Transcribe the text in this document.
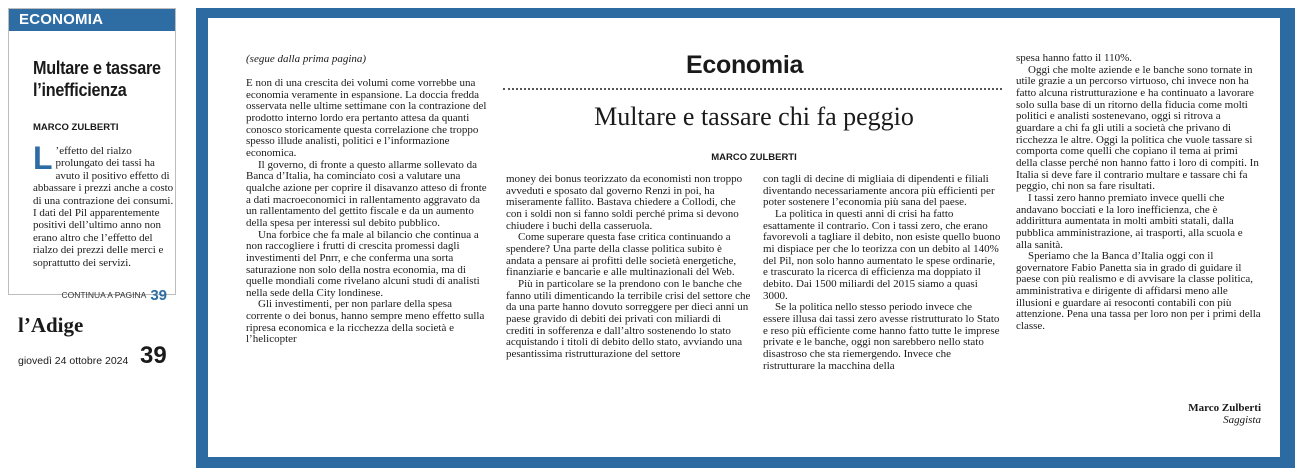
ECONOMIA
Multare e tassare l’inefficienza
MARCO ZULBERTI
L ’effetto del rialzo prolungato dei tassi ha avuto il positivo effetto di abbassare i prezzi anche a costo di una contrazione dei consumi. I dati del Pil apparentemente positivi dell’ultimo anno non erano altro che l’effetto del rialzo dei prezzi delle merci e soprattutto dei servizi.
CONTINUA A PAGINA 39
l’Adige
giovedì 24 ottobre 2024 39
(segue dalla prima pagina)

E non di una crescita dei volumi come vorrebbe una economia veramente in espansione. La doccia fredda osservata nelle ultime settimane con la contrazione del prodotto interno lordo era pertanto attesa da quanti conosco storicamente questa correlazione che troppo spesso illude analisti, politici e l’informazione economica.

Il governo, di fronte a questo allarme sollevato da Banca d’Italia, ha cominciato così a valutare una qualche azione per coprire il disavanzo atteso di fronte a dati macroeconomici in rallentamento aggravato da un rallentamento del gettito fiscale e da un aumento della spesa per interessi sul debito pubblico.

Una forbice che fa male al bilancio che continua a non raccogliere i frutti di crescita promessi dagli investimenti del Pnrr, e che conferma una sorta saturazione non solo della nostra economia, ma di quelle mondiali come rivelano alcuni studi di analisti nella sede della City londinese.

Gli investimenti, per non parlare della spesa corrente o dei bonus, hanno sempre meno effetto sulla ripresa economica e la ricchezza della società e l’helicopter

Economia
Multare e tassare chi fa peggio
MARCO ZULBERTI

money dei bonus teorizzato da economisti non troppo avveduti e sposato dal governo Renzi in poi, ha miseramente fallito. Bastava chiedere a Collodi, che con i soldi non si fanno soldi perché prima si devono chiudere i buchi della casseruola.

Come superare questa fase critica continuando a spendere? Una parte della classe politica subito è andata a pensare ai profitti delle società energetiche, finanziarie e bancarie e alle multinazionali del Web.

Più in particolare se la prendono con le banche che fanno utili dimenticando la terribile crisi del settore che da una parte hanno dovuto sorreggere per dieci anni un paese gravido di debiti dei privati con miliardi di crediti in sofferenza e dall’altro sostenendo lo stato acquistando i titoli di debito dello stato, avviando una pesantissima ristrutturazione del settore

con tagli di decine di migliaia di dipendenti e filiali diventando necessariamente ancora più efficienti per poter sostenere l’economia più sana del paese.

La politica in questi anni di crisi ha fatto esattamente il contrario. Con i tassi zero, che erano favorevoli a tagliare il debito, non esiste quello buono mi dispiace per che lo teorizza con un debito al 140% del Pil, non solo hanno aumentato le spese ordinarie, e trascurato la ricerca di efficienza ma doppiato il debito. Dai 1500 miliardi del 2015 siamo a quasi 3000.

Se la politica nello stesso periodo invece che essere illusa dai tassi zero avesse ristrutturato lo Stato e reso più efficiente come hanno fatto tutte le imprese private e le banche, oggi non sarebbero nello stato disastroso che sta riemergendo. Invece che ristrutturare la macchina della

spesa hanno fatto il 110%.

Oggi che molte aziende e le banche sono tornate in utile grazie a un percorso virtuoso, chi invece non ha fatto alcuna ristrutturazione e ha continuato a lavorare solo sulla base di un ritorno della fiducia come molti politici e analisti sostenevano, oggi si ritrova a guardare a chi fa gli utili a società che privano di ricchezza le altre. Oggi la politica che vuole tassare si comporta come quelli che copiano il tema ai primi della classe perché non hanno fatto i loro di compiti. In Italia si deve fare il contrario multare e tassare chi fa peggio, chi non sa fare risultati.

I tassi zero hanno premiato invece quelli che andavano bocciati e la loro inefficienza, che è addirittura aumentata in molti ambiti statali, dalla pubblica amministrazione, ai trasporti, alla scuola e alla sanità.

Speriamo che la Banca d’Italia oggi con il governatore Fabio Panetta sia in grado di guidare il paese con più realismo e di avvisare la classe politica, amministrativa e dirigente di affidarsi meno alle illusioni e guardare ai resoconti contabili con più attenzione. Pena una tassa per loro non per i primi della classe.

Marco Zulberti
Saggista
